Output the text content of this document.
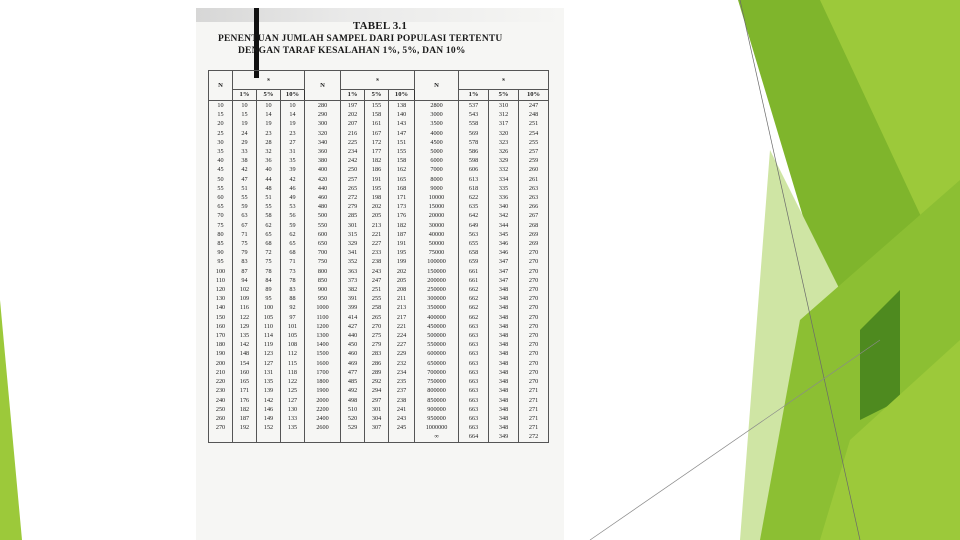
TABEL 3.1
PENENTUAN JUMLAH SAMPEL DARI POPULASI TERTENTU
DENGAN TARAF KESALAHAN 1%, 5%, DAN 10%
N	s			N	s			N	s		
	1%	5%	10%		1%	5%	10%		1%	5%	10%
10	10	10	10	280	197	155	138	2800	537	310	247
15	15	14	14	290	202	158	140	3000	543	312	248
20	19	19	19	300	207	161	143	3500	558	317	251
25	24	23	23	320	216	167	147	4000	569	320	254
30	29	28	27	340	225	172	151	4500	578	323	255
35	33	32	31	360	234	177	155	5000	586	326	257
40	38	36	35	380	242	182	158	6000	598	329	259
45	42	40	39	400	250	186	162	7000	606	332	260
50	47	44	42	420	257	191	165	8000	613	334	261
55	51	48	46	440	265	195	168	9000	618	335	263
60	55	51	49	460	272	198	171	10000	622	336	263
65	59	55	53	480	279	202	173	15000	635	340	266
70	63	58	56	500	285	205	176	20000	642	342	267
75	67	62	59	550	301	213	182	30000	649	344	268
80	71	65	62	600	315	221	187	40000	563	345	269
85	75	68	65	650	329	227	191	50000	655	346	269
90	79	72	68	700	341	233	195	75000	658	346	270
95	83	75	71	750	352	238	199	100000	659	347	270
100	87	78	73	800	363	243	202	150000	661	347	270
110	94	84	78	850	373	247	205	200000	661	347	270
120	102	89	83	900	382	251	208	250000	662	348	270
130	109	95	88	950	391	255	211	300000	662	348	270
140	116	100	92	1000	399	258	213	350000	662	348	270
150	122	105	97	1100	414	265	217	400000	662	348	270
160	129	110	101	1200	427	270	221	450000	663	348	270
170	135	114	105	1300	440	275	224	500000	663	348	270
180	142	119	108	1400	450	279	227	550000	663	348	270
190	148	123	112	1500	460	283	229	600000	663	348	270
200	154	127	115	1600	469	286	232	650000	663	348	270
210	160	131	118	1700	477	289	234	700000	663	348	270
220	165	135	122	1800	485	292	235	750000	663	348	270
230	171	139	125	1900	492	294	237	800000	663	348	271
240	176	142	127	2000	498	297	238	850000	663	348	271
250	182	146	130	2200	510	301	241	900000	663	348	271
260	187	149	133	2400	520	304	243	950000	663	348	271
270	192	152	135	2600	529	307	245	1000000	663	348	271
								∞	664	349	272
